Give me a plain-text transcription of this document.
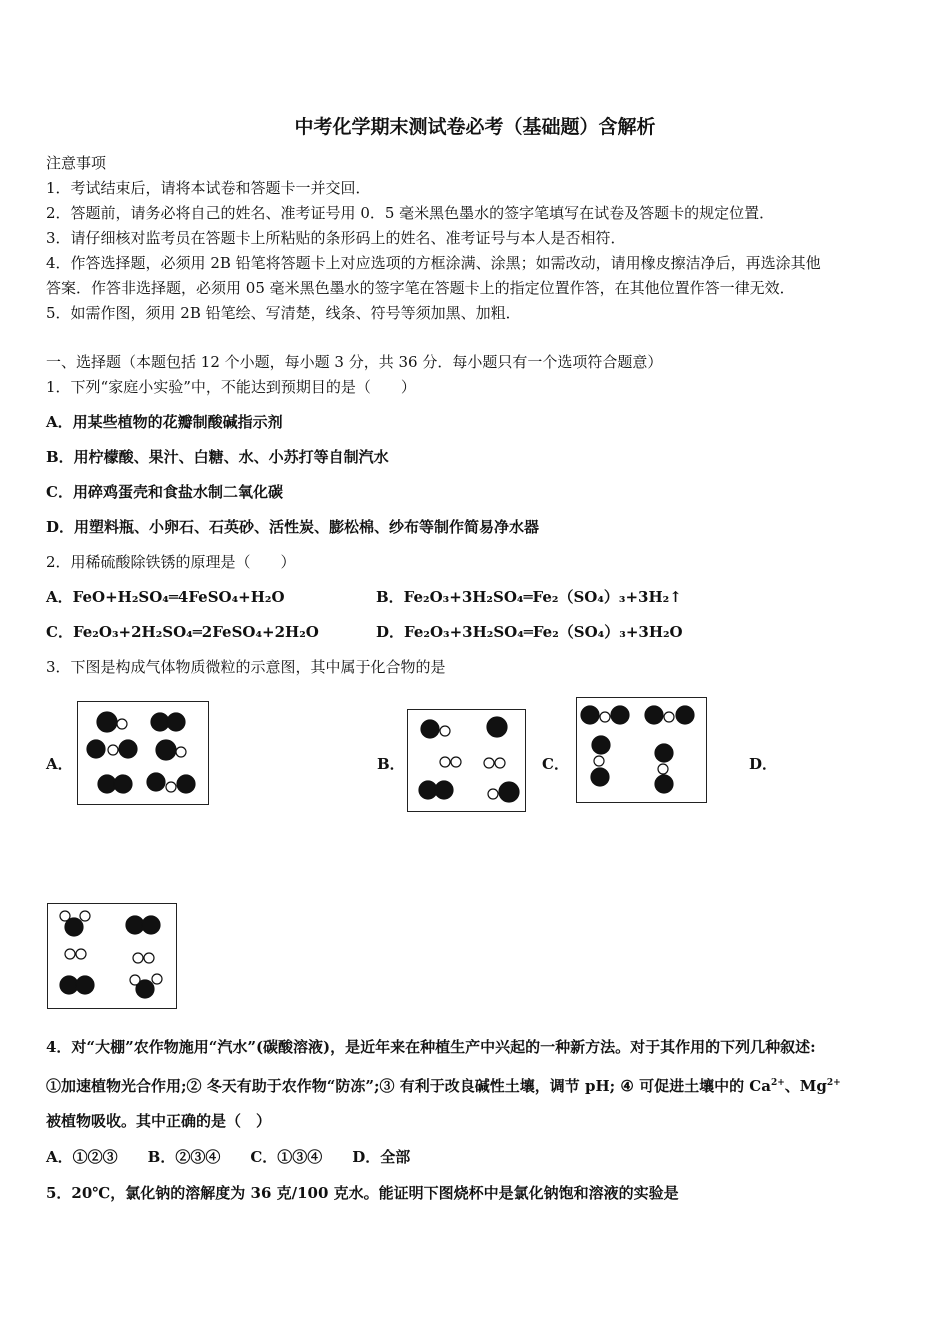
中考化学期末测试卷必考（基础题）含解析
注意事项
1．考试结束后，请将本试卷和答题卡一并交回．
2．答题前，请务必将自己的姓名、准考证号用 0．5 毫米黑色墨水的签字笔填写在试卷及答题卡的规定位置．
3．请仔细核对监考员在答题卡上所粘贴的条形码上的姓名、准考证号与本人是否相符．
4．作答选择题，必须用 2B 铅笔将答题卡上对应选项的方框涂满、涂黑；如需改动，请用橡皮擦洁净后，再选涂其他
答案．作答非选择题，必须用 05 毫米黑色墨水的签字笔在答题卡上的指定位置作答，在其他位置作答一律无效．
5．如需作图，须用 2B 铅笔绘、写清楚，线条、符号等须加黑、加粗．
一、选择题（本题包括 12 个小题，每小题 3 分，共 36 分．每小题只有一个选项符合题意）
1．下列“家庭小实验”中，不能达到预期目的是（　　）
A．用某些植物的花瓣制酸碱指示剂
B．用柠檬酸、果汁、白糖、水、小苏打等自制汽水
C．用碎鸡蛋壳和食盐水制二氧化碳
D．用塑料瓶、小卵石、石英砂、活性炭、膨松棉、纱布等制作简易净水器
2．用稀硫酸除铁锈的原理是（　　）
A．FeO+H₂SO₄═4FeSO₄+H₂O	B．Fe₂O₃+3H₂SO₄═Fe₂（SO₄）₃+3H₂↑
C．Fe₂O₃+2H₂SO₄═2FeSO₄+2H₂O	D．Fe₂O₃+3H₂SO₄═Fe₂（SO₄）₃+3H₂O
3．下图是构成气体物质微粒的示意图，其中属于化合物的是
A．	B．	C．	D．
4．对“大棚”农作物施用“汽水”(碳酸溶液)，是近年来在种植生产中兴起的一种新方法。对于其作用的下列几种叙述:
①加速植物光合作用;② 冬天有助于农作物“防冻”;③ 有利于改良碱性土壤，调节 pH; ④ 可促进土壤中的 $Ca^{2+}$、$Mg^{2+}$
被植物吸收。其中正确的是（　）
A．①②③　　B．②③④　　C．①③④　　D．全部
5．20℃，氯化钠的溶解度为 36 克/100 克水。能证明下图烧杯中是氯化钠饱和溶液的实验是
